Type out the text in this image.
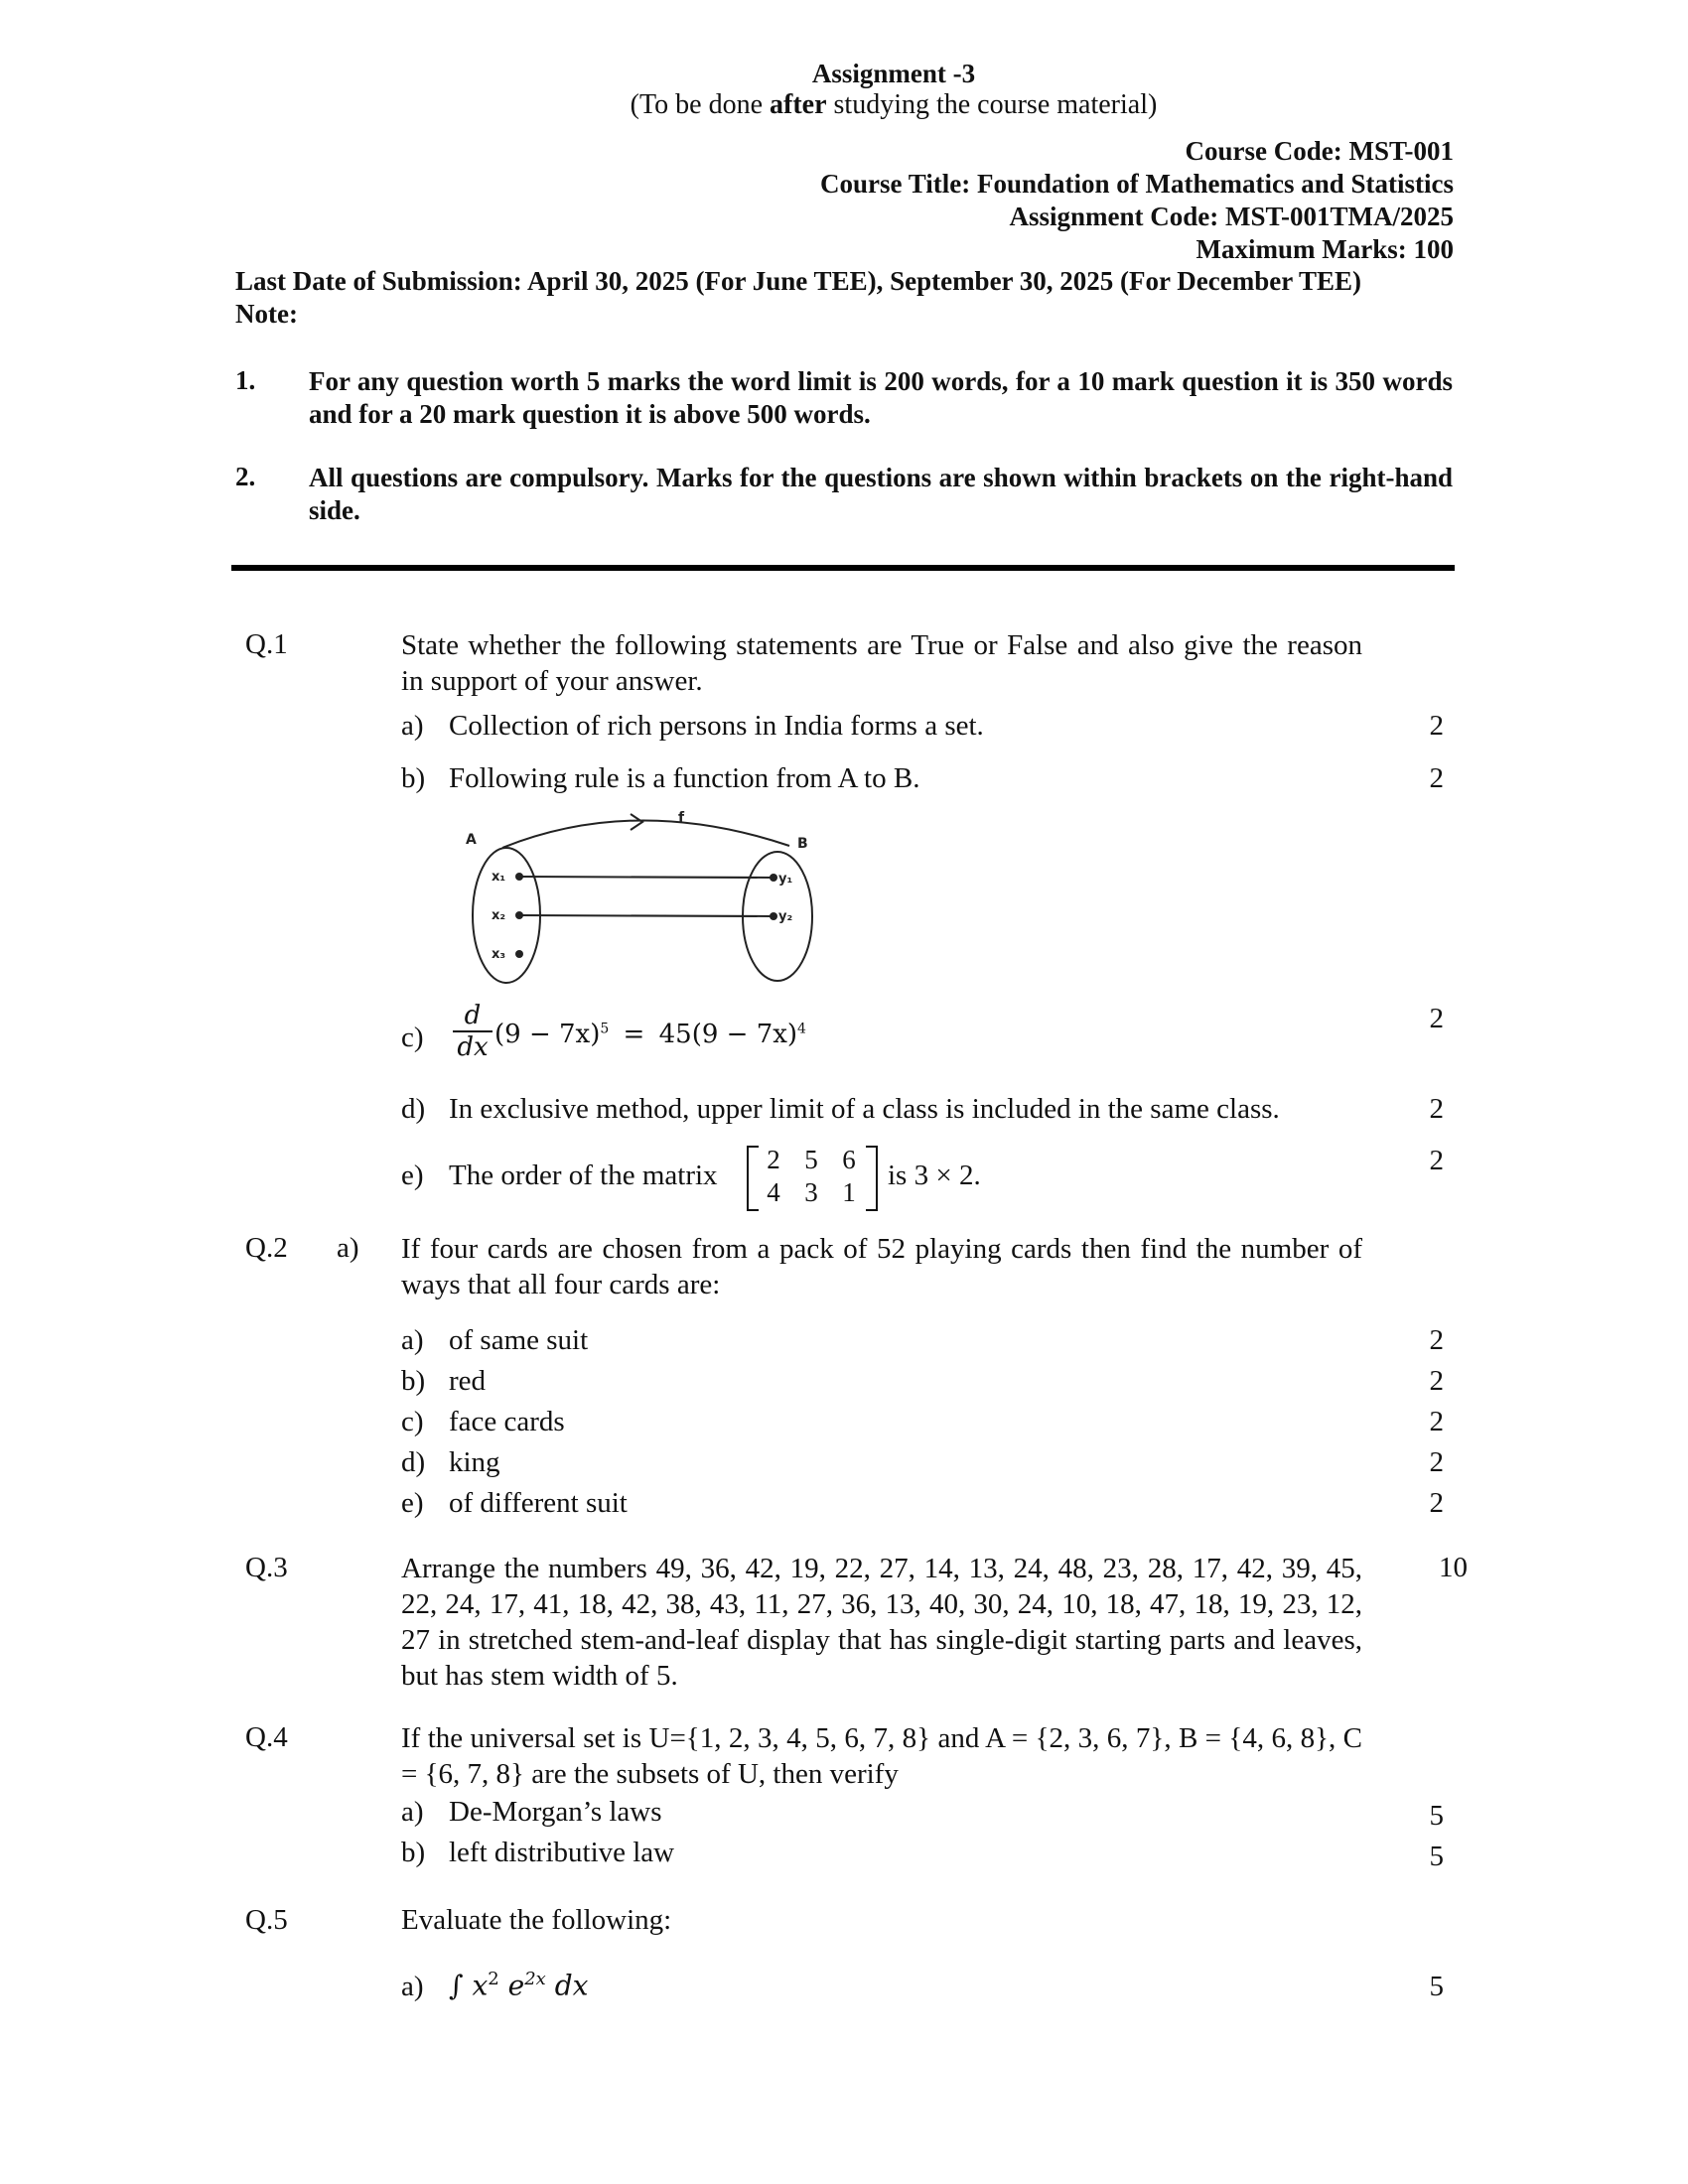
Assignment -3
(To be done after studying the course material)
Course Code: MST-001
Course Title: Foundation of Mathematics and Statistics
Assignment Code: MST-001TMA/2025
Maximum Marks: 100
Last Date of Submission: April 30, 2025 (For June TEE), September 30, 2025 (For December TEE)
Note:
1. For any question worth 5 marks the word limit is 200 words, for a 10 mark question it is 350 words and for a 20 mark question it is above 500 words.
2. All questions are compulsory. Marks for the questions are shown within brackets on the right-hand side.
Q.1	State whether the following statements are True or False and also give the reason in support of your answer.
a) Collection of rich persons in India forms a set.	2
b) Following rule is a function from A to B.	2
A	B
f
x₁
x₂
x₃
y₁
y₂
c)
d
dx $(9 - 7x)^5 = 45(9 - 7x)^4$	2
d) In exclusive method, upper limit of a class is included in the same class.	2
e) The order of the matrix	2 5 6
4 3 1
is 3 × 2.	2
Q.2 a) If four cards are chosen from a pack of 52 playing cards then find the number of ways that all four cards are:
a) of same suit	2
b) red	2
c) face cards	2
d) king	2
e) of different suit	2
Q.3	Arrange the numbers 49, 36, 42, 19, 22, 27, 14, 13, 24, 48, 23, 28, 17, 42, 39, 45, 22, 24, 17, 41, 18, 42, 38, 43, 11, 27, 36, 13, 40, 30, 24, 10, 18, 47, 18, 19, 23, 12, 27 in stretched stem-and-leaf display that has single-digit starting parts and leaves, but has stem width of 5.
10
Q.4	If the universal set is U={1, 2, 3, 4, 5, 6, 7, 8} and A = {2, 3, 6, 7}, B = {4, 6, 8}, C = {6, 7, 8} are the subsets of U, then verify
a) De-Morgan’s laws	5
b) left distributive law	5
Q.5	Evaluate the following:
a) ∫ $x^2$ $e^{2x}$ dx	5
